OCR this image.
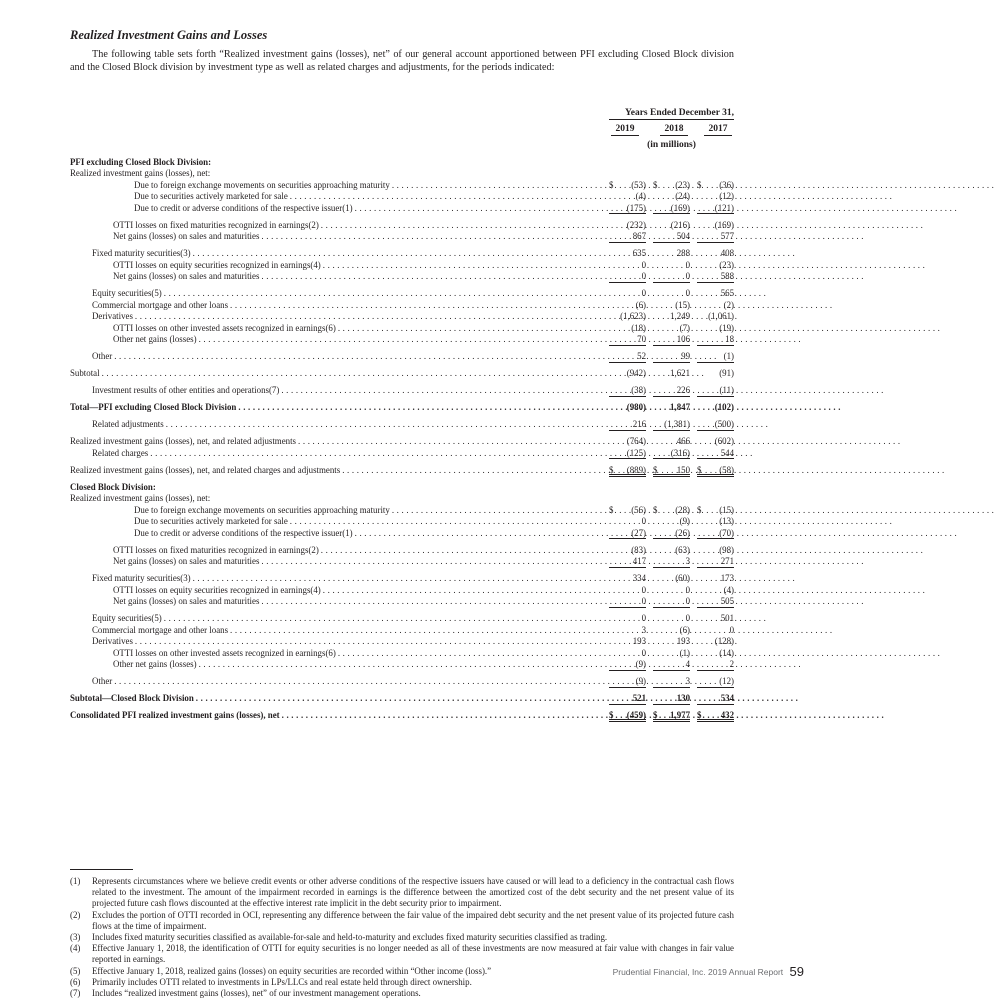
Realized Investment Gains and Losses
The following table sets forth “Realized investment gains (losses), net” of our general account apportioned between PFI excluding Closed Block division and the Closed Block division by investment type as well as related charges and adjustments, for the periods indicated:
Years Ended December 31,
2019	2018	2017
(in millions)
PFI excluding Closed Block Division:
Realized investment gains (losses), net:
Due to foreign exchange movements on securities approaching maturity . . .	$ (53) $ (23) $ (36)
Due to securities actively marketed for sale . . .	(4)	(24)	(12)
Due to credit or adverse conditions of the respective issuer(1) . . .	(175)	(169)	(121)
OTTI losses on fixed maturities recognized in earnings(2) . . .	(232)	(216)	(169)
Net gains (losses) on sales and maturities . . .	867	504	577
Fixed maturity securities(3) . . .	635	288	408
OTTI losses on equity securities recognized in earnings(4) . . .	0	0	(23)
Net gains (losses) on sales and maturities . . .	0	0	588
Equity securities(5) . . .	0	0	565
Commercial mortgage and other loans . . .	(6)	(15)	(2)
Derivatives . . .	(1,623)	1,249	(1,061)
OTTI losses on other invested assets recognized in earnings(6) . . .	(18)	(7)	(19)
Other net gains (losses) . . .	70	106	18
Other . . .	52	99	(1)
Subtotal . . .	(942)	1,621	(91)
Investment results of other entities and operations(7) . . .	(38)	226	(11)
Total—PFI excluding Closed Block Division . . .	(980)	1,847	(102)
Related adjustments . . .	216	(1,381)	(500)
Realized investment gains (losses), net, and related adjustments . . .	(764)	466	(602)
Related charges . . .	(125)	(316)	544
Realized investment gains (losses), net, and related charges and adjustments . . .	$ (889) $ 150 $ (58)
Closed Block Division:
Realized investment gains (losses), net:
Due to foreign exchange movements on securities approaching maturity . . .	$ (56) $ (28) $ (15)
Due to securities actively marketed for sale . . .	0	(9)	(13)
Due to credit or adverse conditions of the respective issuer(1) . . .	(27)	(26)	(70)
OTTI losses on fixed maturities recognized in earnings(2) . . .	(83)	(63)	(98)
Net gains (losses) on sales and maturities . . .	417	3	271
Fixed maturity securities(3) . . .	334	(60)	173
OTTI losses on equity securities recognized in earnings(4) . . .	0	0	(4)
Net gains (losses) on sales and maturities . . .	0	0	505
Equity securities(5) . . .	0	0	501
Commercial mortgage and other loans . . .	3	(6)	0
Derivatives . . .	193	193	(128)
OTTI losses on other invested assets recognized in earnings(6) . . .	0	(1)	(14)
Other net gains (losses) . . .	(9)	4	2
Other . . .	(9)	3	(12)
Subtotal—Closed Block Division . . .	521	130	534
Consolidated PFI realized investment gains (losses), net . . .	$ (459) $ 1,977 $ 432
(1) Represents circumstances where we believe credit events or other adverse conditions of the respective issuers have caused or will lead to a deficiency in the contractual cash flows related to the investment. The amount of the impairment recorded in earnings is the difference between the amortized cost of the debt security and the net present value of its projected future cash flows discounted at the effective interest rate implicit in the debt security prior to impairment.
(2) Excludes the portion of OTTI recorded in OCI, representing any difference between the fair value of the impaired debt security and the net present value of its projected future cash flows at the time of impairment.
(3) Includes fixed maturity securities classified as available-for-sale and held-to-maturity and excludes fixed maturity securities classified as trading.
(4) Effective January 1, 2018, the identification of OTTI for equity securities is no longer needed as all of these investments are now measured at fair value with changes in fair value reported in earnings.
(5) Effective January 1, 2018, realized gains (losses) on equity securities are recorded within “Other income (loss).”
(6) Primarily includes OTTI related to investments in LPs/LLCs and real estate held through direct ownership.
(7) Includes “realized investment gains (losses), net” of our investment management operations.
Prudential Financial, Inc. 2019 Annual Report 59
